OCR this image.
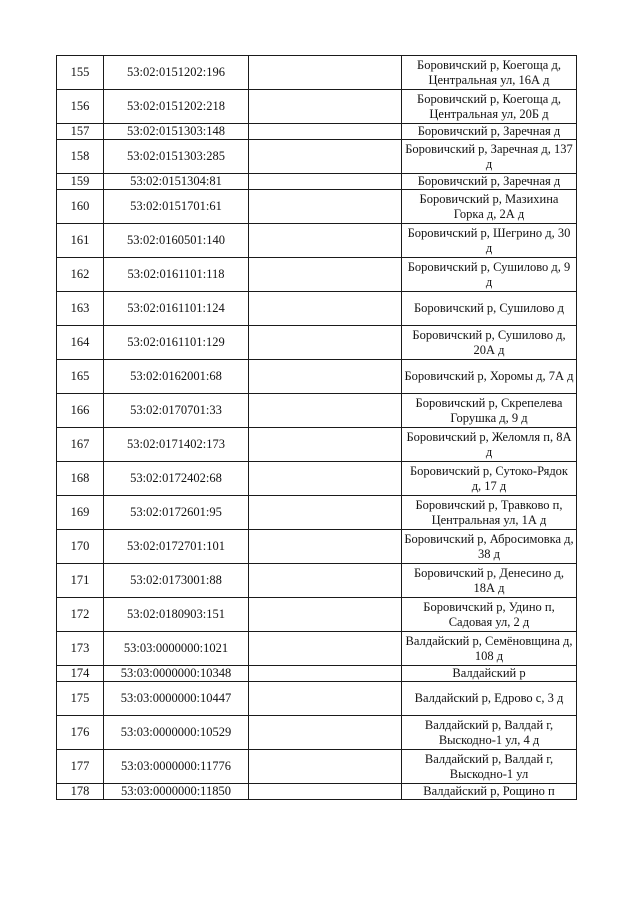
155	53:02:0151202:196		Боровичский р, Коегоща д, Центральная ул, 16А д
156	53:02:0151202:218		Боровичский р, Коегоща д, Центральная ул, 20Б д
157	53:02:0151303:148		Боровичский р, Заречная д
158	53:02:0151303:285		Боровичский р, Заречная д, 137 д
159	53:02:0151304:81		Боровичский р, Заречная д
160	53:02:0151701:61		Боровичский р, Мазихина Горка д, 2А д
161	53:02:0160501:140		Боровичский р, Шегрино д, 30 д
162	53:02:0161101:118		Боровичский р, Сушилово д, 9 д
163	53:02:0161101:124		Боровичский р, Сушилово д
164	53:02:0161101:129		Боровичский р, Сушилово д, 20А д
165	53:02:0162001:68		Боровичский р, Хоромы д, 7А д
166	53:02:0170701:33		Боровичский р, Скрепелева Горушка д, 9 д
167	53:02:0171402:173		Боровичский р, Желомля п, 8А д
168	53:02:0172402:68		Боровичский р, Сутоко-Рядок д, 17 д
169	53:02:0172601:95		Боровичский р, Травково п, Центральная ул, 1А д
170	53:02:0172701:101		Боровичский р, Абросимовка д, 38 д
171	53:02:0173001:88		Боровичский р, Денесино д, 18А д
172	53:02:0180903:151		Боровичский р, Удино п, Садовая ул, 2 д
173	53:03:0000000:1021		Валдайский р, Семёновщина д, 108 д
174	53:03:0000000:10348		Валдайский р
175	53:03:0000000:10447		Валдайский р, Едрово с, 3 д
176	53:03:0000000:10529		Валдайский р, Валдай г, Выскодно-1 ул, 4 д
177	53:03:0000000:11776		Валдайский р, Валдай г, Выскодно-1 ул
178	53:03:0000000:11850		Валдайский р, Рощино п
